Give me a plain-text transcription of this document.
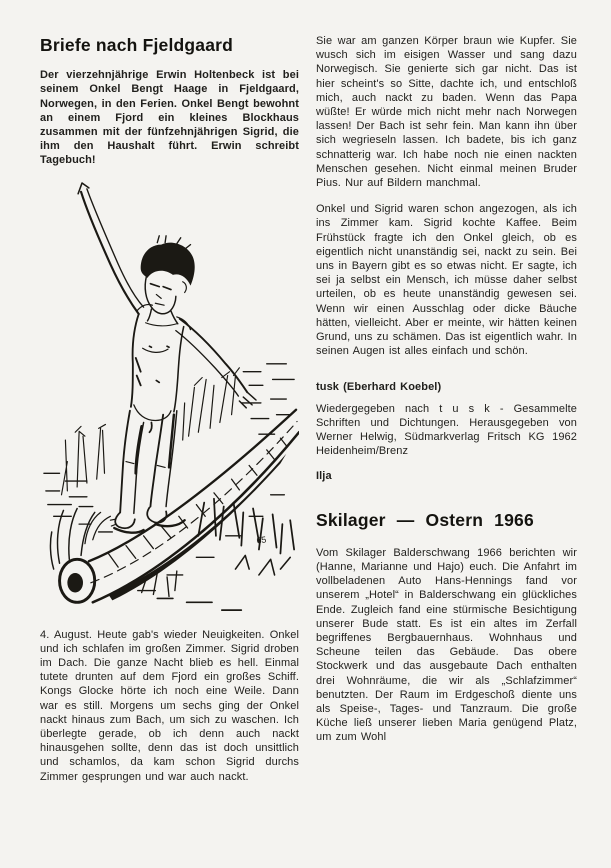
Briefe nach Fjeldgaard

Der vierzehnjährige Erwin Holtenbeck ist bei seinem Onkel Bengt Haage in Fjeldgaard, Norwegen, in den Ferien. Onkel Bengt bewohnt an einem Fjord ein kleines Blockhaus zusammen mit der fünfzehnjährigen Sigrid, die ihm den Haushalt führt. Erwin schreibt Tagebuch!

65

4. August. Heute gab's wieder Neuigkeiten. Onkel und ich schlafen im großen Zimmer. Sigrid droben im Dach. Die ganze Nacht blieb es hell. Einmal tutete drunten auf dem Fjord ein großes Schiff. Kongs Glocke hörte ich noch eine Weile. Dann war es still. Morgens um sechs ging der Onkel nackt hinaus zum Bach, um sich zu waschen. Ich überlegte gerade, ob ich denn auch nackt hinausgehen sollte, denn das ist doch unsittlich und schamlos, da kam schon Sigrid durchs Zimmer gesprungen und war auch nackt.

Sie war am ganzen Körper braun wie Kupfer. Sie wusch sich im eisigen Wasser und sang dazu Norwegisch. Sie genierte sich gar nicht. Das ist hier scheint's so Sitte, dachte ich, und entschloß mich, auch nackt zu baden. Wenn das Papa wüßte! Er würde mich nicht mehr nach Norwegen lassen! Der Bach ist sehr fein. Man kann ihn über sich wegrieseln lassen. Ich badete, bis ich ganz schnatterig war. Ich habe noch nie einen nackten Menschen gesehen. Nicht einmal meinen Bruder Pius. Nur auf Bildern manchmal.

Onkel und Sigrid waren schon angezogen, als ich ins Zimmer kam. Sigrid kochte Kaffee. Beim Frühstück fragte ich den Onkel gleich, ob es eigentlich nicht unanständig sei, nackt zu sein. Bei uns in Bayern gibt es so etwas nicht. Er sagte, ich sei ja selbst ein Mensch, ich müsse daher selbst urteilen, ob es heute unanständig gewesen sei. Wenn wir einen Ausschlag oder dicke Bäuche hätten, vielleicht. Aber er meinte, wir hätten keinen Grund, uns zu schämen. Das ist eigentlich wahr. In seinen Augen ist alles einfach und schön.

tusk (Eberhard Koebel)

Wiedergegeben nach t u s k - Gesammelte Schriften und Dichtungen. Herausgegeben von Werner Helwig, Südmarkverlag Fritsch KG 1962 Heidenheim/Brenz

Ilja

Skilager — Ostern 1966

Vom Skilager Balderschwang 1966 berichten wir (Hanne, Marianne und Hajo) euch. Die Anfahrt im vollbeladenen Auto Hans-Hennings fand vor unserem „Hotel“ in Balderschwang ein glückliches Ende. Zugleich fand eine stürmische Besichtigung unserer Bude statt. Es ist ein altes im Zerfall begriffenes Bergbauernhaus. Wohnhaus und Scheune teilen das Gebäude. Das obere Stockwerk und das ausgebaute Dach enthalten drei Wohnräume, die wir als „Schlafzimmer“ benutzten. Der Raum im Erdgeschoß diente uns als Speise-, Tages- und Tanzraum. Die große Küche ließ unserer lieben Maria genügend Platz, um zum Wohl
